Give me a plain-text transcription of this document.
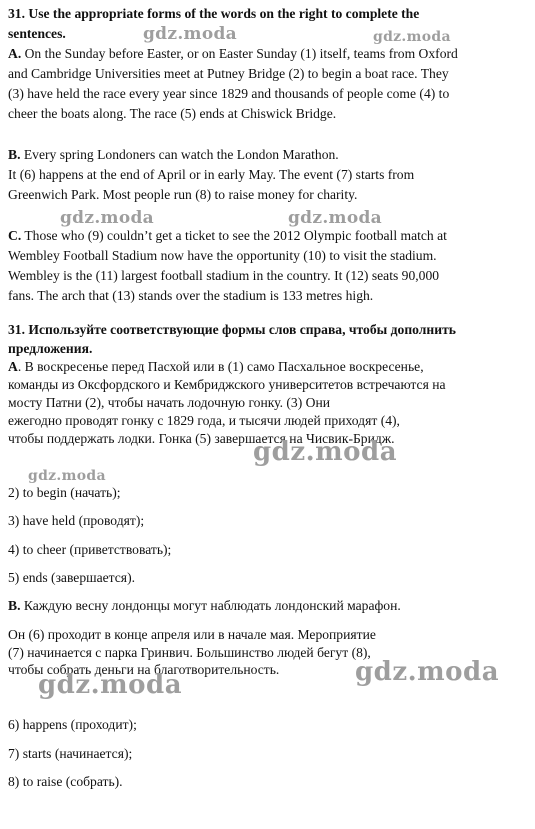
31. Use the appropriate forms of the words on the right to complete the
sentences.
A. On the Sunday before Easter, or on Easter Sunday (1) itself, teams from Oxford
and Cambridge Universities meet at Putney Bridge (2) to begin a boat race. They
(3) have held the race every year since 1829 and thousands of people come (4) to
cheer the boats along. The race (5) ends at Chiswick Bridge.
B. Every spring Londoners can watch the London Marathon.
It (6) happens at the end of April or in early May. The event (7) starts from
Greenwich Park. Most people run (8) to raise money for charity.
C. Those who (9) couldn’t get a ticket to see the 2012 Olympic football match at
Wembley Football Stadium now have the opportunity (10) to visit the stadium.
Wembley is the (11) largest football stadium in the country. It (12) seats 90,000
fans. The arch that (13) stands over the stadium is 133 metres high.
31. Используйте соответствующие формы слов справа, чтобы дополнить
предложения.
А. В воскресенье перед Пасхой или в (1) само Пасхальное воскресенье,
команды из Оксфордского и Кембриджского университетов встречаются на
мосту Патни (2), чтобы начать лодочную гонку. (3) Они
ежегодно проводят гонку с 1829 года, и тысячи людей приходят (4),
чтобы поддержать лодки. Гонка (5) завершается на Чисвик-Бридж.
2) to begin (начать);
3) have held (проводят);
4) to cheer (приветствовать);
5) ends (завершается).
B. Каждую весну лондонцы могут наблюдать лондонский марафон.
Он (6) проходит в конце апреля или в начале мая. Мероприятие
(7) начинается с парка Гринвич. Большинство людей бегут (8),
чтобы собрать деньги на благотворительность.
6) happens (проходит);
7) starts (начинается);
8) to raise (собрать).
gdz.moda	gdz.moda
gdz.moda	gdz.moda
gdz.moda
gdz.moda
gdz.moda	gdz.moda
